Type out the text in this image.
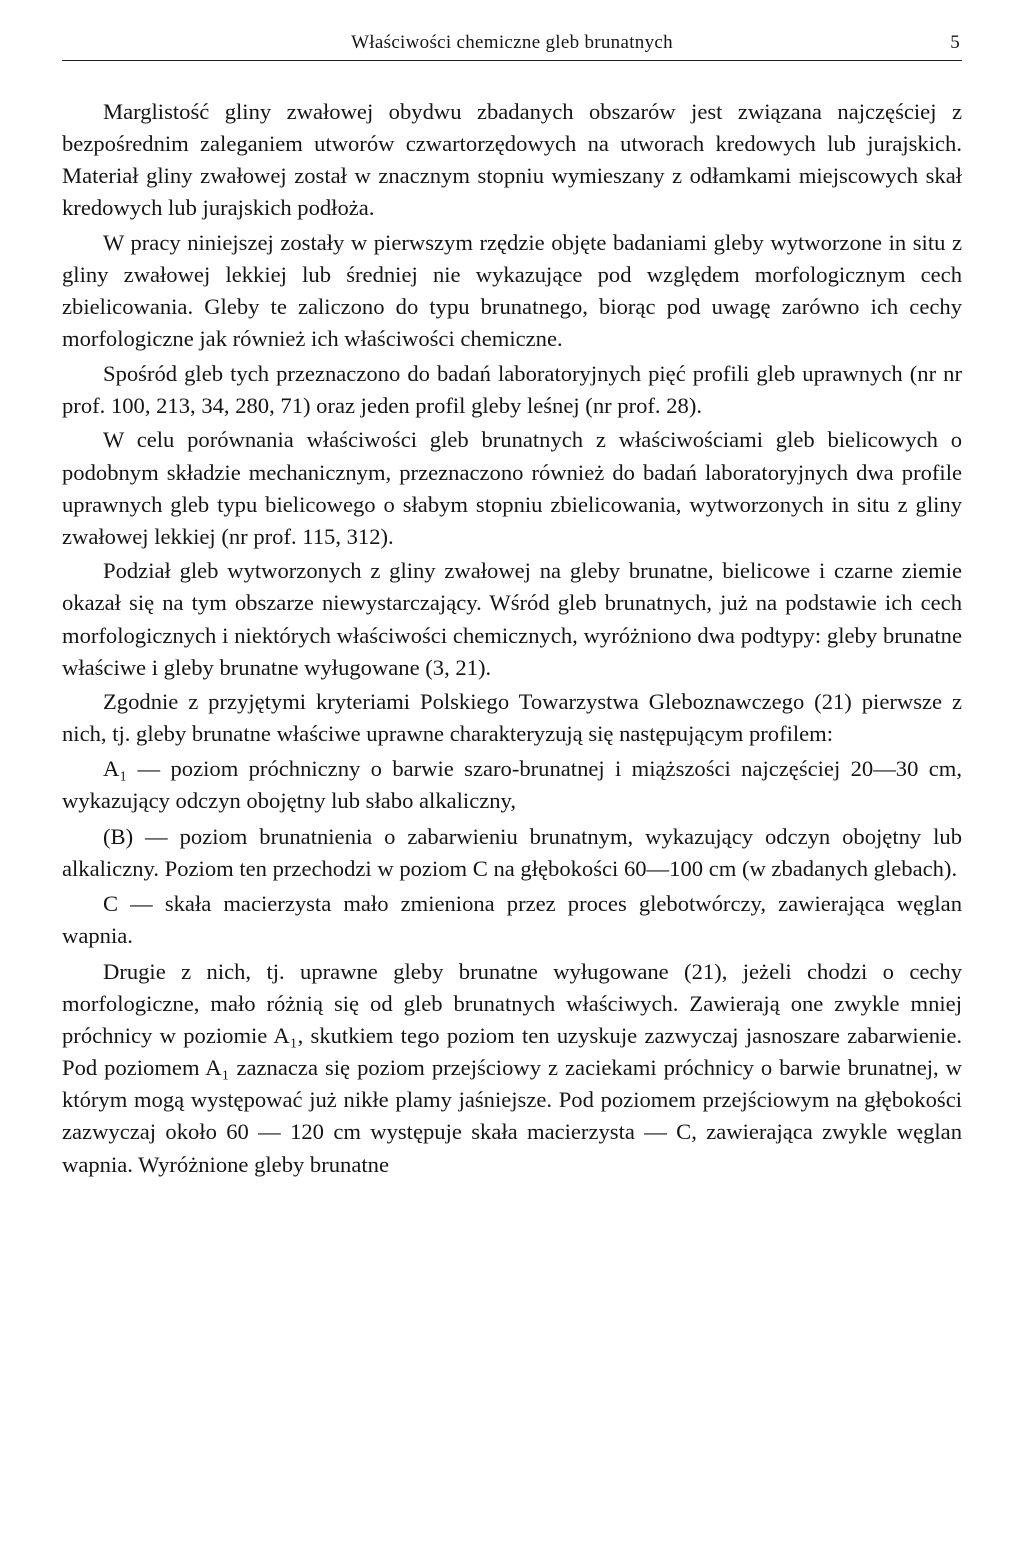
Właściwości chemiczne gleb brunatnych	5

Marglistość gliny zwałowej obydwu zbadanych obszarów jest związana najczęściej z bezpośrednim zaleganiem utworów czwartorzędowych na utworach kredowych lub jurajskich. Materiał gliny zwałowej został w znacznym stopniu wymieszany z odłamkami miejscowych skał kredowych lub jurajskich podłoża.

W pracy niniejszej zostały w pierwszym rzędzie objęte badaniami gleby wytworzone in situ z gliny zwałowej lekkiej lub średniej nie wykazujące pod względem morfologicznym cech zbielicowania. Gleby te zaliczono do typu brunatnego, biorąc pod uwagę zarówno ich cechy morfologiczne jak również ich właściwości chemiczne.

Spośród gleb tych przeznaczono do badań laboratoryjnych pięć profili gleb uprawnych (nr nr prof. 100, 213, 34, 280, 71) oraz jeden profil gleby leśnej (nr prof. 28).

W celu porównania właściwości gleb brunatnych z właściwościami gleb bielicowych o podobnym składzie mechanicznym, przeznaczono również do badań laboratoryjnych dwa profile uprawnych gleb typu bielicowego o słabym stopniu zbielicowania, wytworzonych in situ z gliny zwałowej lekkiej (nr prof. 115, 312).

Podział gleb wytworzonych z gliny zwałowej na gleby brunatne, bielicowe i czarne ziemie okazał się na tym obszarze niewystarczający. Wśród gleb brunatnych, już na podstawie ich cech morfologicznych i niektórych właściwości chemicznych, wyróżniono dwa podtypy: gleby brunatne właściwe i gleby brunatne wyługowane (3, 21).

Zgodnie z przyjętymi kryteriami Polskiego Towarzystwa Gleboznawczego (21) pierwsze z nich, tj. gleby brunatne właściwe uprawne charakteryzują się następującym profilem:

A₁ — poziom próchniczny o barwie szaro-brunatnej i miąższości najczęściej 20—30 cm, wykazujący odczyn obojętny lub słabo alkaliczny,

(B) — poziom brunatnienia o zabarwieniu brunatnym, wykazujący odczyn obojętny lub alkaliczny. Poziom ten przechodzi w poziom C na głębokości 60—100 cm (w zbadanych glebach).

C — skała macierzysta mało zmieniona przez proces glebotwórczy, zawierająca węglan wapnia.

Drugie z nich, tj. uprawne gleby brunatne wyługowane (21), jeżeli chodzi o cechy morfologiczne, mało różnią się od gleb brunatnych właściwych. Zawierają one zwykle mniej próchnicy w poziomie A₁, skutkiem tego poziom ten uzyskuje zazwyczaj jasnoszare zabarwienie. Pod poziomem A₁ zaznacza się poziom przejściowy z zaciekami próchnicy o barwie brunatnej, w którym mogą występować już nikłe plamy jaśniejsze. Pod poziomem przejściowym na głębokości zazwyczaj około 60 — 120 cm występuje skała macierzysta — C, zawierająca zwykle węglan wapnia. Wyróżnione gleby brunatne
